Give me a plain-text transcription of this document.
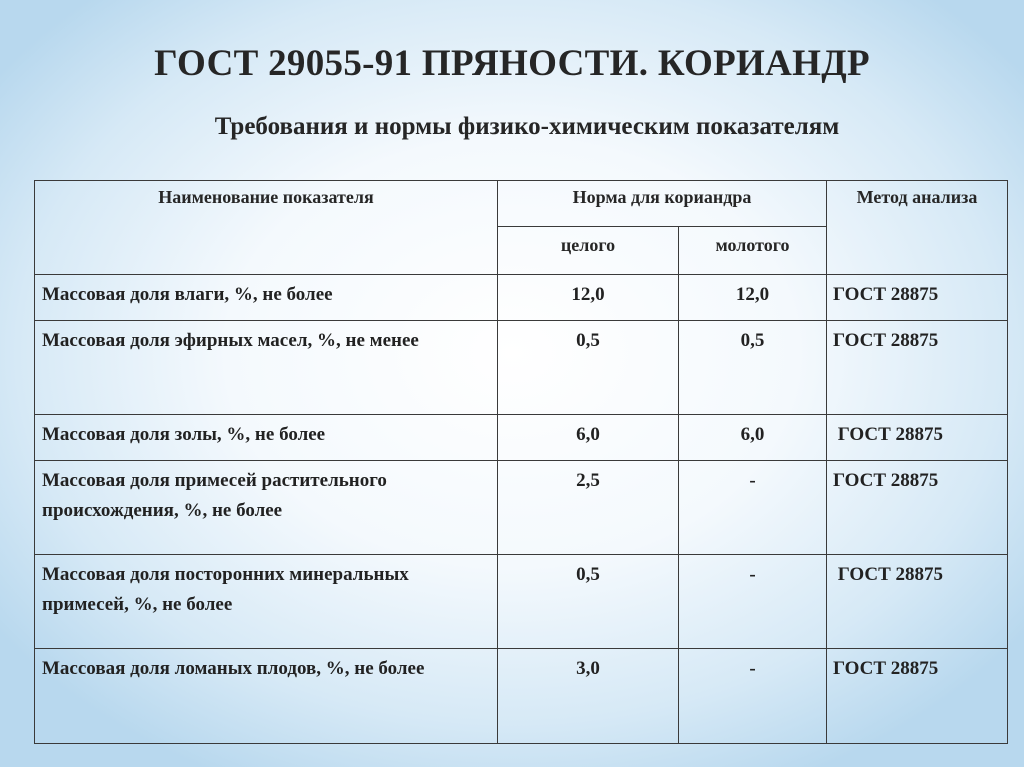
ГОСТ 29055-91 ПРЯНОСТИ. КОРИАНДР
Требования и нормы физико-химическим показателям
Наименование показателя	Норма для кориандра		Метод анализа
	целого	молотого	
Массовая доля влаги, %, не более	12,0	12,0	ГОСТ 28875
Массовая доля эфирных масел, %, не менее	0,5	0,5	ГОСТ 28875
Массовая доля золы, %, не более	6,0	6,0	ГОСТ 28875
Массовая доля примесей растительного происхождения, %, не более	2,5	-	ГОСТ 28875
Массовая доля посторонних минеральных примесей, %, не более	0,5	-	ГОСТ 28875
Массовая доля ломаных плодов, %, не более	3,0	-	ГОСТ 28875
